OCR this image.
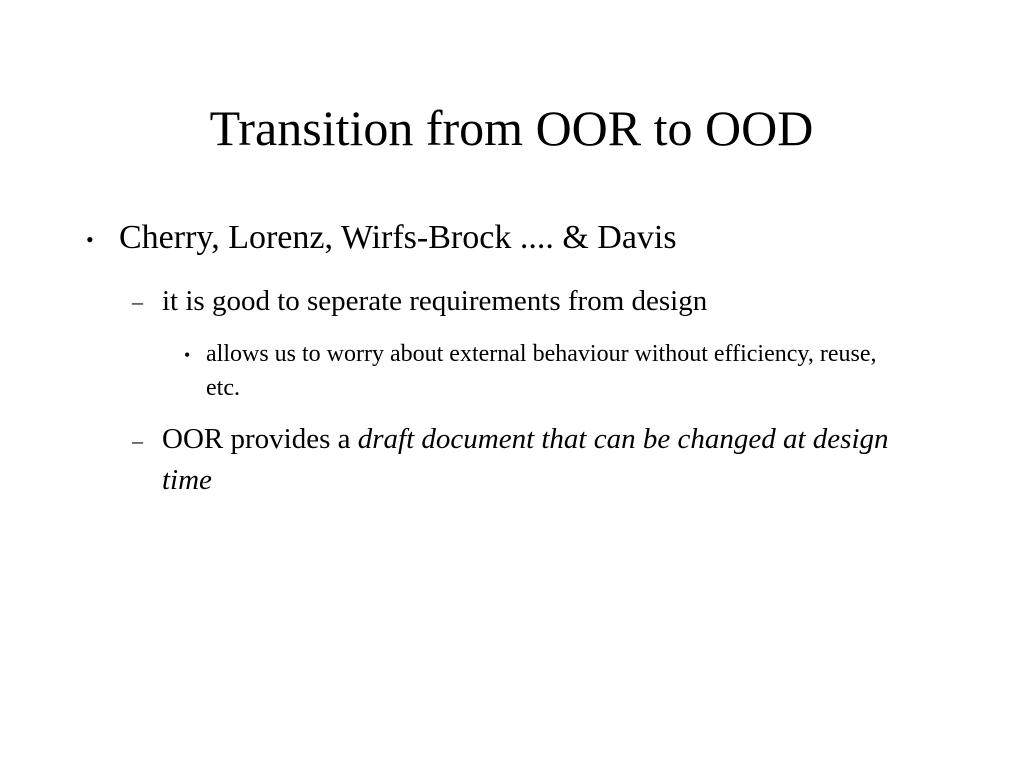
Transition from OOR to OOD
• Cherry, Lorenz, Wirfs-Brock .... & Davis
– it is good to seperate requirements from design
• allows us to worry about external behaviour without efficiency, reuse, etc.
– OOR provides a draft document that can be changed at design time
